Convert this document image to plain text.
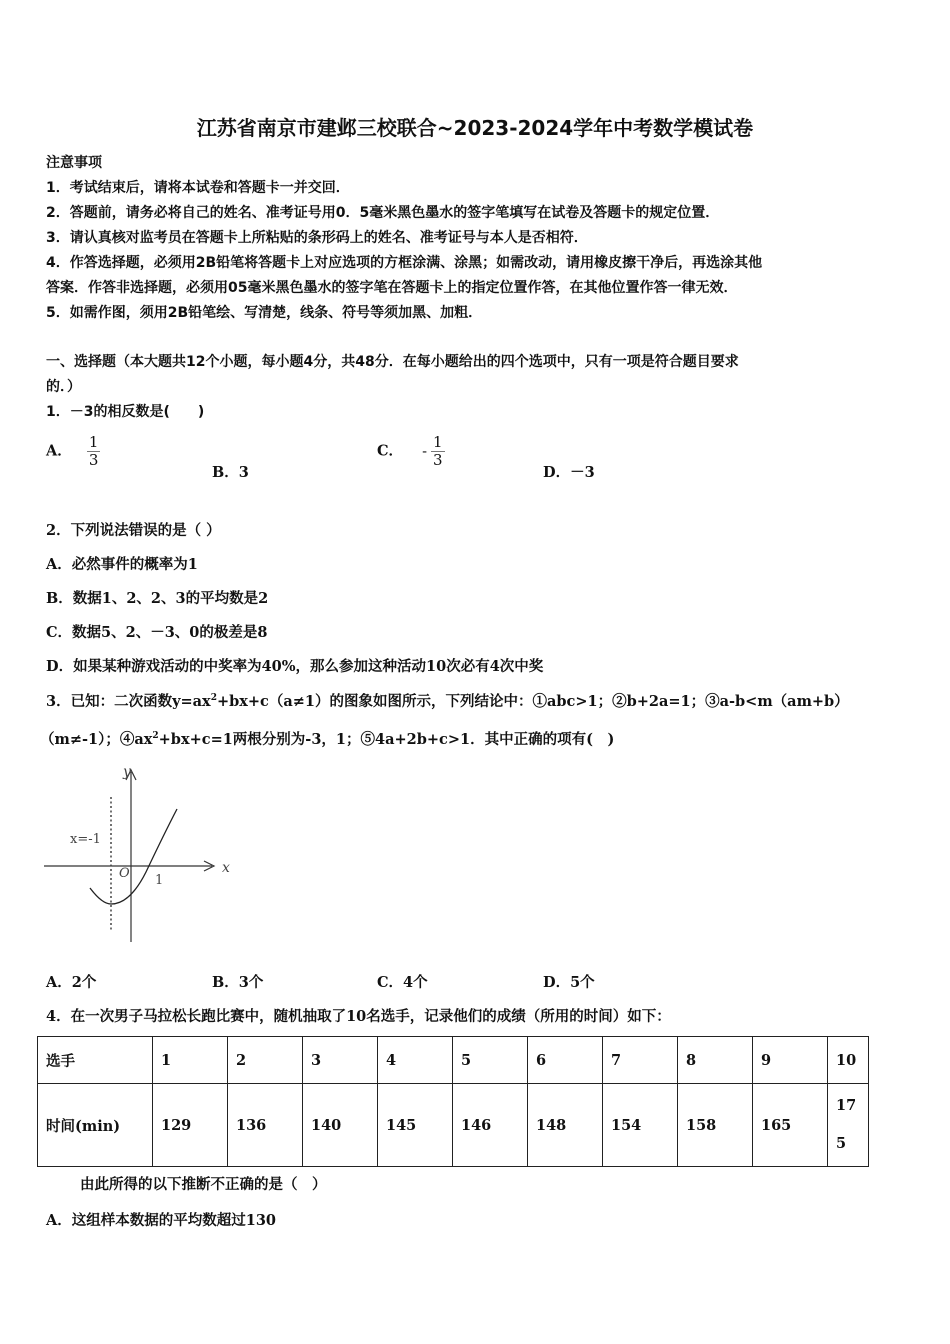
江苏省南京市建邺三校联合~2023-2024学年中考数学模试卷
注意事项
1．考试结束后，请将本试卷和答题卡一并交回．
2．答题前，请务必将自己的姓名、准考证号用0．5毫米黑色墨水的签字笔填写在试卷及答题卡的规定位置．
3．请认真核对监考员在答题卡上所粘贴的条形码上的姓名、准考证号与本人是否相符．
4．作答选择题，必须用2B铅笔将答题卡上对应选项的方框涂满、涂黑；如需改动，请用橡皮擦干净后，再选涂其他
答案．作答非选择题，必须用05毫米黑色墨水的签字笔在答题卡上的指定位置作答，在其他位置作答一律无效．
5．如需作图，须用2B铅笔绘、写清楚，线条、符号等须加黑、加粗．
一、选择题（本大题共12个小题，每小题4分，共48分．在每小题给出的四个选项中，只有一项是符合题目要求
的．）
1．－3的相反数是(　　)
A． $\frac{1}{3}$
B．3
C． - $\frac{1}{3}$
D．－3
2．下列说法错误的是（ ）
A．必然事件的概率为1
B．数据1、2、2、3的平均数是2
C．数据5、2、－3、0的极差是8
D．如果某种游戏活动的中奖率为40%，那么参加这种活动10次必有4次中奖
3．已知：二次函数$y=ax^2+bx+c(a\ne 1)$的图象如图所示，下列结论中：①abc>1；②b+2a=1；③a-b<m（am+b）
（m≠-1）；$④ax^2+bx+c=1$两根分别为-3，1；⑤4a+2b+c>1．其中正确的项有(　)
y
x
O 1
x=-1
A．2个	B．3个	C．4个	D．5个
4．在一次男子马拉松长跑比赛中，随机抽取了10名选手，记录他们的成绩（所用的时间）如下：
选手	1	2	3	4	5	6	7	8	9	10
时间(min)	129	136	140	145	146	148	154	158	165	175
由此所得的以下推断不正确的是（　）
A．这组样本数据的平均数超过130
